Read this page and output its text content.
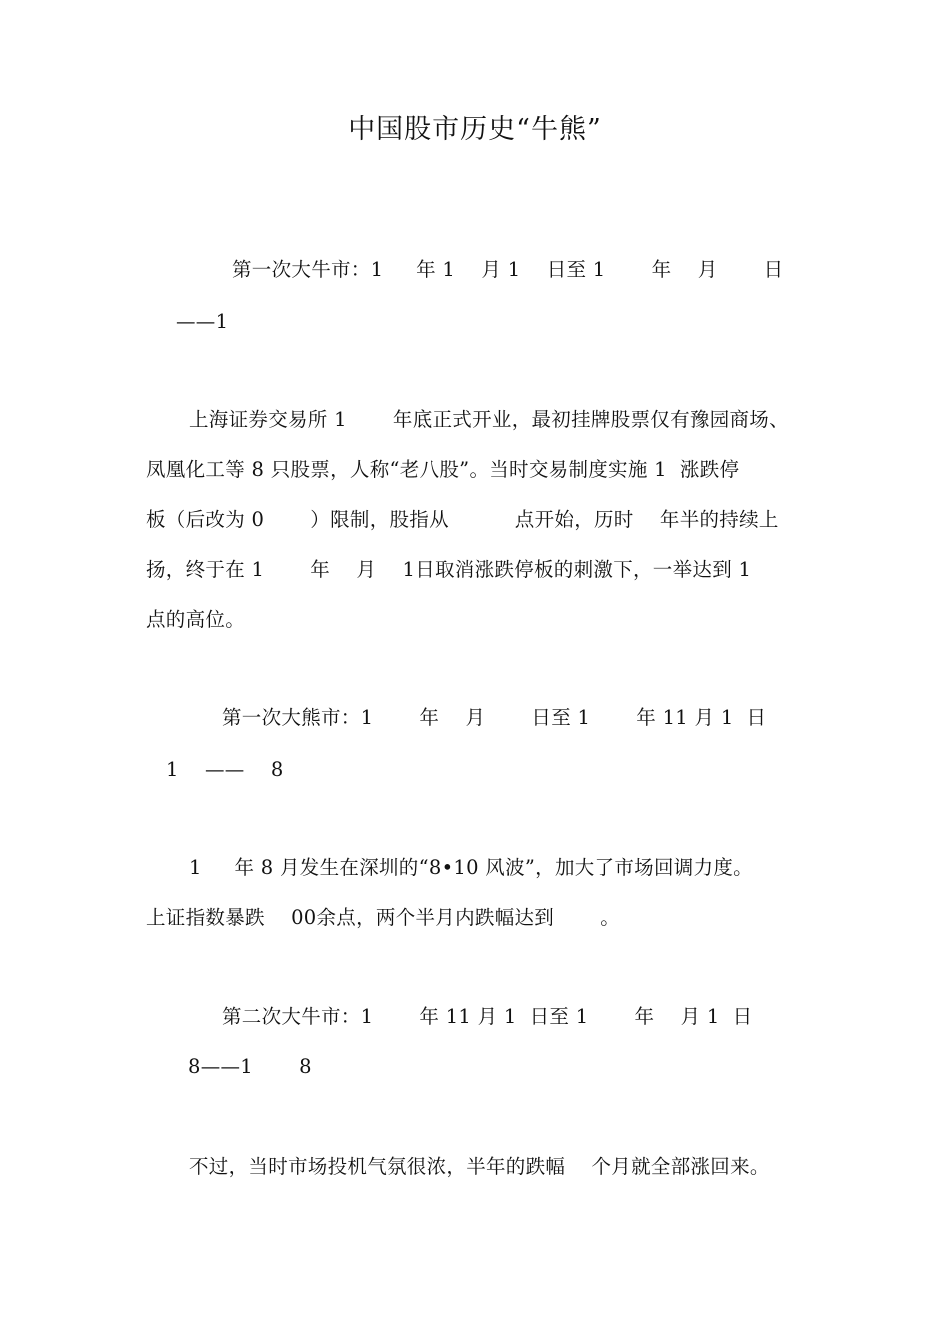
中国股市历史“牛熊”
第一次大牛市：1 　 年 1 　月 1 　日至 1 　　年 　月 　　日
——1
上海证券交易所 1 　　年底正式开业，最初挂牌股票仅有豫园商场、
凤凰化工等 8 只股票，人称“老八股”。当时交易制度实施 1  涨跌停
板（后改为 0 　　）限制，股指从 　　　点开始，历时 　年半的持续上
扬，终于在 1 　　年 　月 　1日取消涨跌停板的刺激下，一举达到 1
点的高位。
第一次大熊市：1 　　年 　月 　　日至 1 　　年 11 月 1  日
1 　——　 8
1 　 年 8 月发生在深圳的“8•10 风波”，加大了市场回调力度。
上证指数暴跌 　00余点，两个半月内跌幅达到 　　。
第二次大牛市：1 　　年 11 月 1  日至 1 　　年 　月 1  日
8——1 　　8
不过，当时市场投机气氛很浓，半年的跌幅 　个月就全部涨回来。
